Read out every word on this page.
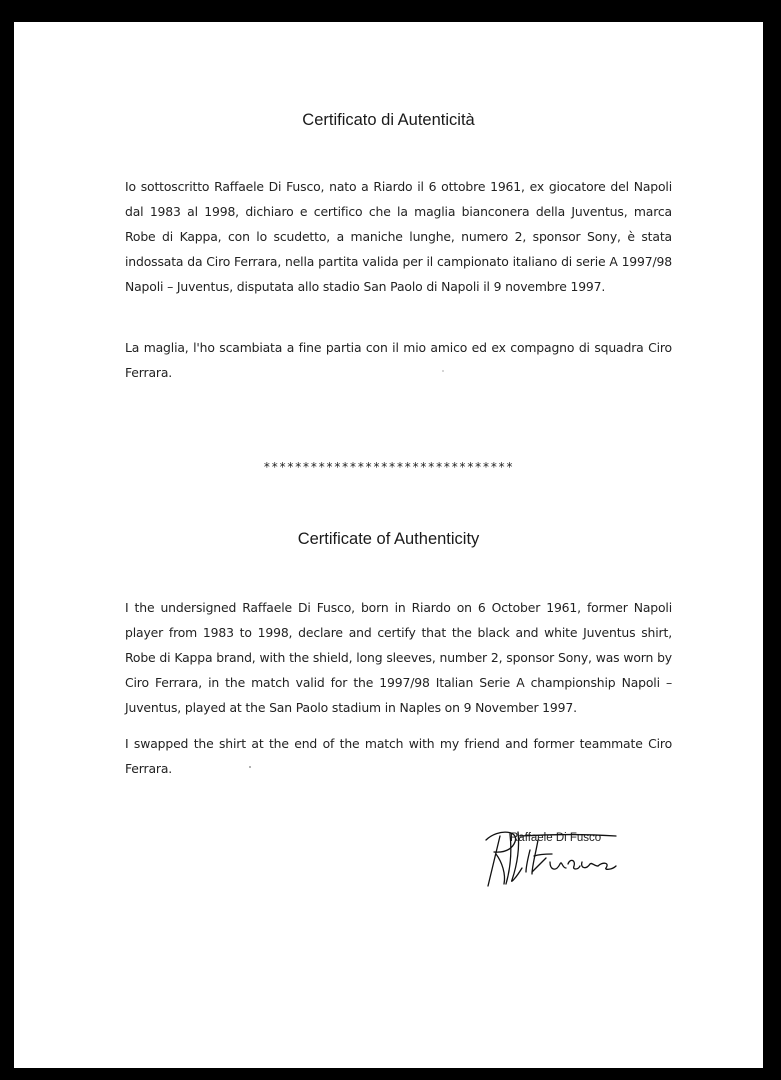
Certificato di Autenticità

Io sottoscritto Raffaele Di Fusco, nato a Riardo il 6 ottobre 1961, ex giocatore del Napoli dal 1983 al 1998, dichiaro e certifico che la maglia bianconera della Juventus, marca Robe di Kappa, con lo scudetto, a maniche lunghe, numero 2, sponsor Sony, è stata indossata da Ciro Ferrara, nella partita valida per il campionato italiano di serie A 1997/98 Napoli – Juventus, disputata allo stadio San Paolo di Napoli il 9 novembre 1997.

La maglia, l'ho scambiata a fine partia con il mio amico ed ex compagno di squadra Ciro Ferrara.

********************************
Certificate of Authenticity

I the undersigned Raffaele Di Fusco, born in Riardo on 6 October 1961, former Napoli player from 1983 to 1998, declare and certify that the black and white Juventus shirt, Robe di Kappa brand, with the shield, long sleeves, number 2, sponsor Sony, was worn by Ciro Ferrara, in the match valid for the 1997/98 Italian Serie A championship Napoli – Juventus, played at the San Paolo stadium in Naples on 9 November 1997.

I swapped the shirt at the end of the match with my friend and former teammate Ciro Ferrara.

Raffaele Di Fusco
